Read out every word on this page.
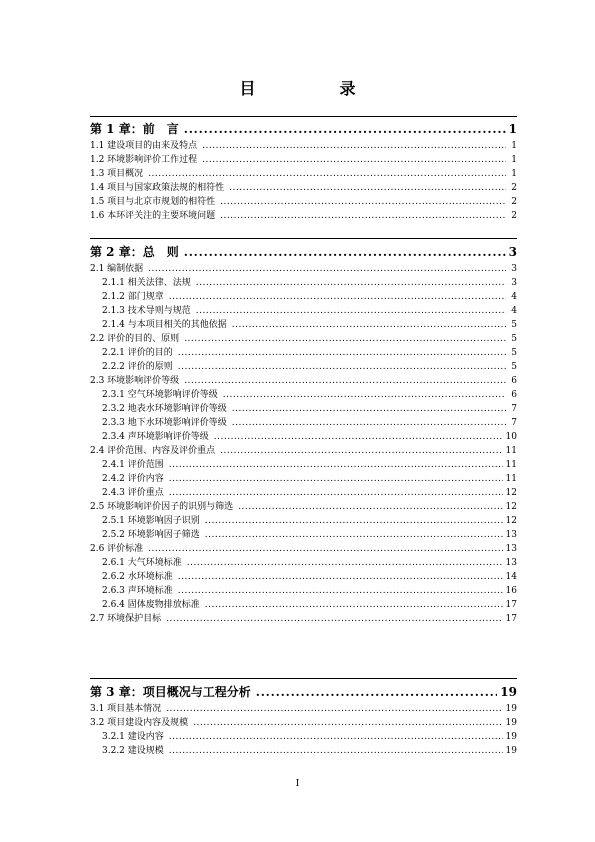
目　录
第 1 章：前　言 .....	1
1.1 建设项目的由来及特点 .....	1
1.2 环境影响评价工作过程 .....	1
1.3 项目概况 .....	1
1.4 项目与国家政策法规的相符性 .....	2
1.5 项目与北京市规划的相符性 .....	2
1.6 本环评关注的主要环境问题 .....	2
第 2 章：总　则 .....	3
2.1 编制依据 .....	3
2.1.1 相关法律、法规 .....	3
2.1.2 部门规章 .....	4
2.1.3 技术导则与规范 .....	4
2.1.4 与本项目相关的其他依据 .....	5
2.2 评价的目的、原则 .....	5
2.2.1 评价的目的 .....	5
2.2.2 评价的原则 .....	5
2.3 环境影响评价等级 .....	6
2.3.1 空气环境影响评价等级 .....	6
2.3.2 地表水环境影响评价等级 .....	7
2.3.3 地下水环境影响评价等级 .....	7
2.3.4 声环境影响评价等级 .....	10
2.4 评价范围、内容及评价重点 .....	11
2.4.1 评价范围 .....	11
2.4.2 评价内容 .....	11
2.4.3 评价重点 .....	12
2.5 环境影响评价因子的识别与筛选 .....	12
2.5.1 环境影响因子识别 .....	12
2.5.2 环境影响因子筛选 .....	13
2.6 评价标准 .....	13
2.6.1 大气环境标准 .....	13
2.6.2 水环境标准 .....	14
2.6.3 声环境标准 .....	16
2.6.4 固体废物排放标准 .....	17
2.7 环境保护目标 .....	17
第 3 章：项目概况与工程分析 .....	19
3.1 项目基本情况 .....	19
3.2 项目建设内容及规模 .....	19
3.2.1 建设内容 .....	19
3.2.2 建设规模 .....	19
I
